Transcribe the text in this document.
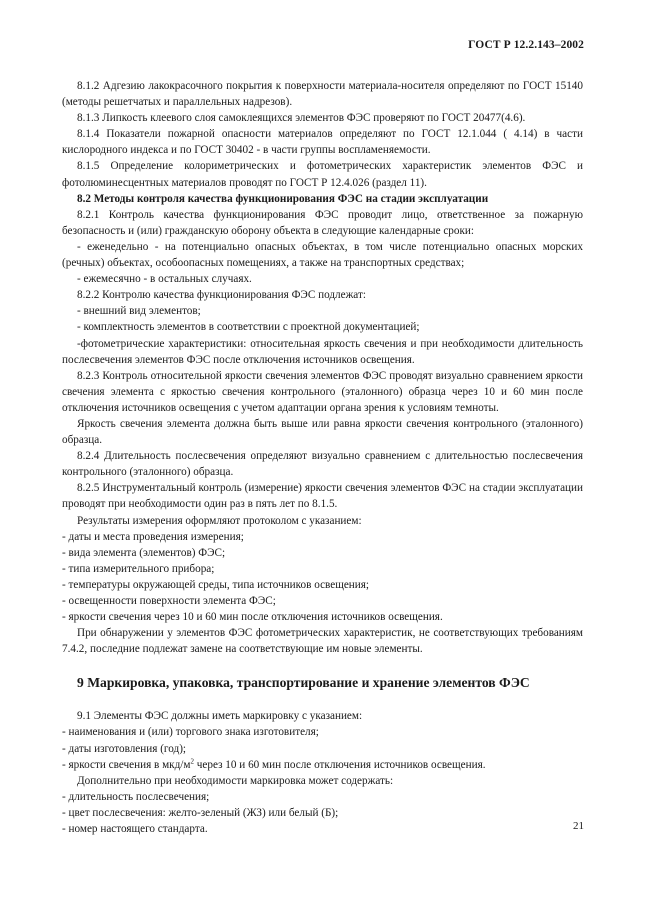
ГОСТ Р 12.2.143–2002

8.1.2 Адгезию лакокрасочного покрытия к поверхности материала-носителя определяют по ГОСТ 15140 (методы решетчатых и параллельных надрезов).

8.1.3 Липкость клеевого слоя самоклеящихся элементов ФЭС проверяют по ГОСТ 20477(4.6).

8.1.4 Показатели пожарной опасности материалов определяют по ГОСТ 12.1.044 ( 4.14) в части кислородного индекса и по ГОСТ 30402 - в части группы воспламеняемости.

8.1.5 Определение колориметрических и фотометрических характеристик элементов ФЭС и фотолюминесцентных материалов проводят по ГОСТ Р 12.4.026 (раздел 11).

8.2 Методы контроля качества функционирования ФЭС на стадии эксплуатации

8.2.1 Контроль качества функционирования ФЭС проводит лицо, ответственное за пожарную безопасность и (или) гражданскую оборону объекта в следующие календарные сроки:

- еженедельно - на потенциально опасных объектах, в том числе потенциально опасных морских (речных) объектах, особоопасных помещениях, а также на транспортных средствах;

- ежемесячно - в остальных случаях.

8.2.2 Контролю качества функционирования ФЭС подлежат:

- внешний вид элементов;

- комплектность элементов в соответствии с проектной документацией;

-фотометрические характеристики: относительная яркость свечения и при необходимости длительность послесвечения элементов ФЭС после отключения источников освещения.

8.2.3 Контроль относительной яркости свечения элементов ФЭС проводят визуально сравнением яркости свечения элемента с яркостью свечения контрольного (эталонного) образца через 10 и 60 мин после отключения источников освещения с учетом адаптации органа зрения к условиям темноты.

Яркость свечения элемента должна быть выше или равна яркости свечения контрольного (эталонного) образца.

8.2.4 Длительность послесвечения определяют визуально сравнением с длительностью послесвечения контрольного (эталонного) образца.

8.2.5 Инструментальный контроль (измерение) яркости свечения элементов ФЭС на стадии эксплуатации проводят при необходимости один раз в пять лет по 8.1.5.

Результаты измерения оформляют протоколом с указанием:

- даты и места проведения измерения;

- вида элемента (элементов) ФЭС;

- типа измерительного прибора;

- температуры окружающей среды, типа источников освещения;

- освещенности поверхности элемента ФЭС;

- яркости свечения через 10 и 60 мин после отключения источников освещения.

При обнаружении у элементов ФЭС фотометрических характеристик, не соответствующих требованиям 7.4.2, последние подлежат замене на соответствующие им новые элементы.

9 Маркировка, упаковка, транспортирование и хранение элементов ФЭС

9.1 Элементы ФЭС должны иметь маркировку с указанием:

- наименования и (или) торгового знака изготовителя;

- даты изготовления (год);

- яркости свечения в мкд/$м^2$ через 10 и 60 мин после отключения источников освещения.

Дополнительно при необходимости маркировка может содержать:

- длительность послесвечения;

- цвет послесвечения: желто-зеленый (ЖЗ) или белый (Б);

- номер настоящего стандарта.	21
